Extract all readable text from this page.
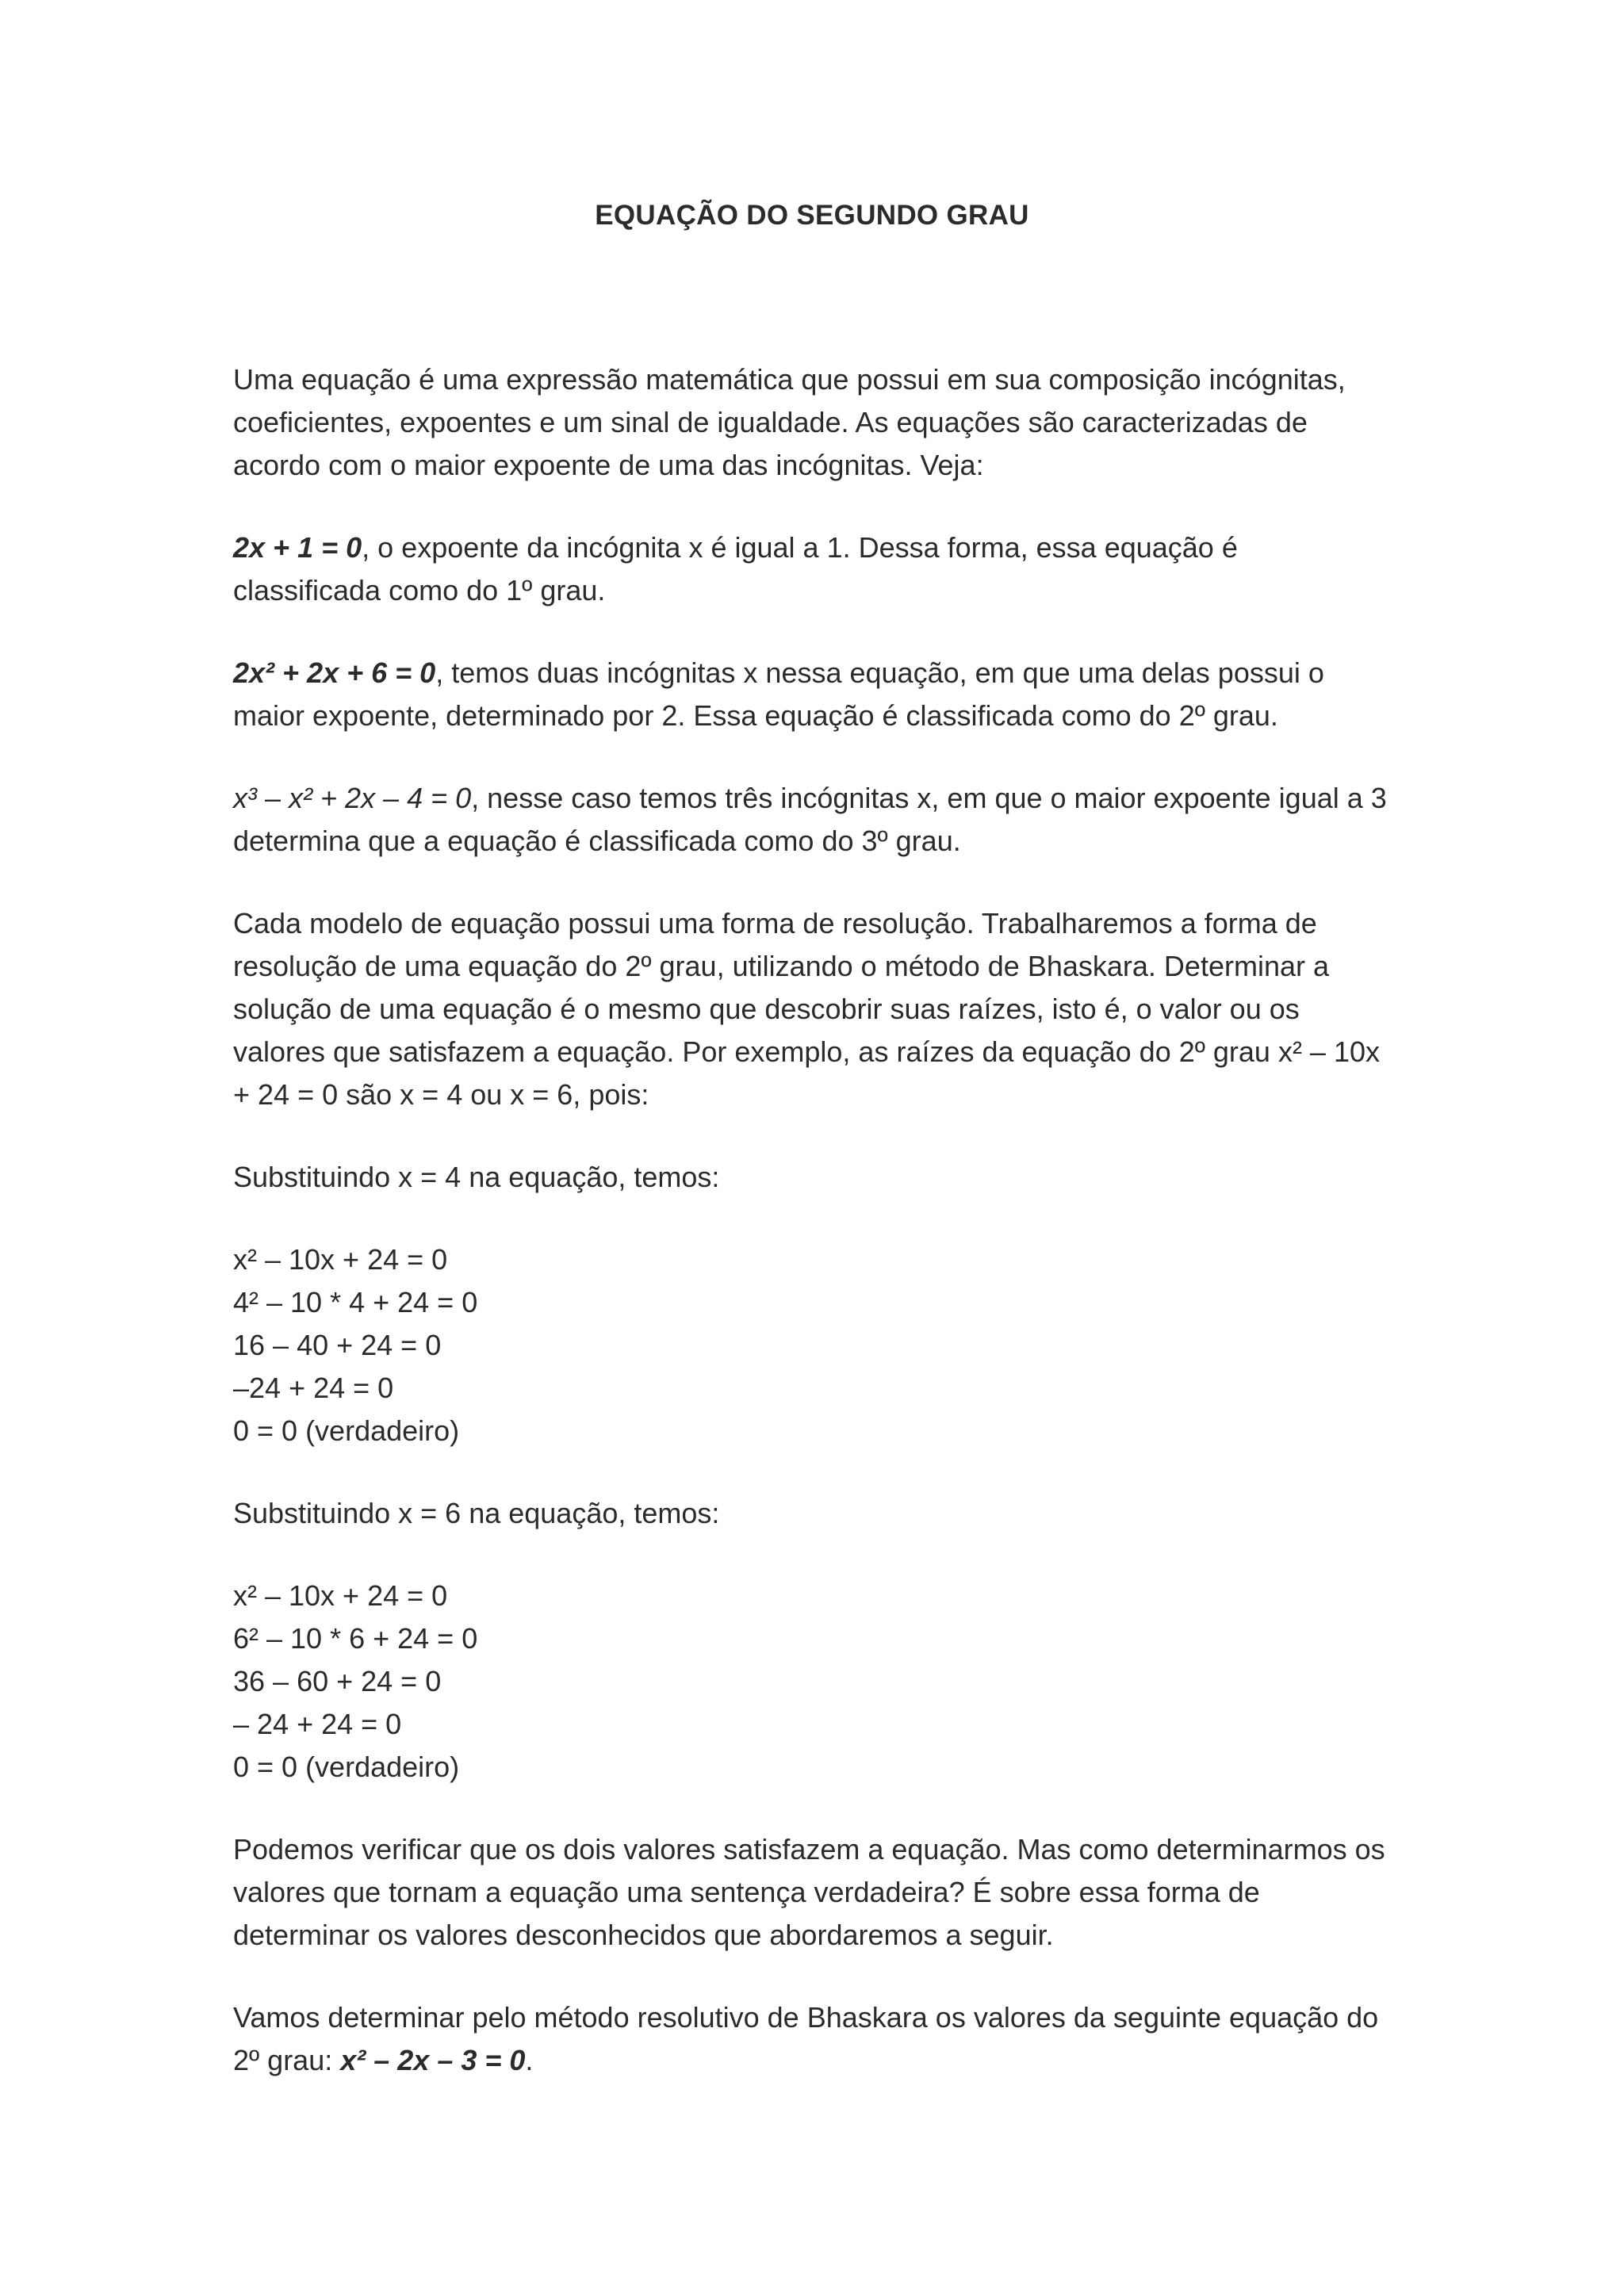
EQUAÇÃO DO SEGUNDO GRAU

Uma equação é uma expressão matemática que possui em sua composição incógnitas,
coeficientes, expoentes e um sinal de igualdade. As equações são caracterizadas de
acordo com o maior expoente de uma das incógnitas. Veja:

2x + 1 = 0, o expoente da incógnita x é igual a 1. Dessa forma, essa equação é
classificada como do 1º grau.

2x² + 2x + 6 = 0, temos duas incógnitas x nessa equação, em que uma delas possui o
maior expoente, determinado por 2. Essa equação é classificada como do 2º grau.

x³ – x² + 2x – 4 = 0, nesse caso temos três incógnitas x, em que o maior expoente igual a 3
determina que a equação é classificada como do 3º grau.

Cada modelo de equação possui uma forma de resolução. Trabalharemos a forma de
resolução de uma equação do 2º grau, utilizando o método de Bhaskara. Determinar a
solução de uma equação é o mesmo que descobrir suas raízes, isto é, o valor ou os
valores que satisfazem a equação. Por exemplo, as raízes da equação do 2º grau x² – 10x
+ 24 = 0 são x = 4 ou x = 6, pois:

Substituindo x = 4 na equação, temos:

x² – 10x + 24 = 0
4² – 10 * 4 + 24 = 0
16 – 40 + 24 = 0
–24 + 24 = 0
0 = 0 (verdadeiro)

Substituindo x = 6 na equação, temos:

x² – 10x + 24 = 0
6² – 10 * 6 + 24 = 0
36 – 60 + 24 = 0
– 24 + 24 = 0
0 = 0 (verdadeiro)

Podemos verificar que os dois valores satisfazem a equação. Mas como determinarmos os
valores que tornam a equação uma sentença verdadeira? É sobre essa forma de
determinar os valores desconhecidos que abordaremos a seguir.

Vamos determinar pelo método resolutivo de Bhaskara os valores da seguinte equação do
2º grau: x² – 2x – 3 = 0.
